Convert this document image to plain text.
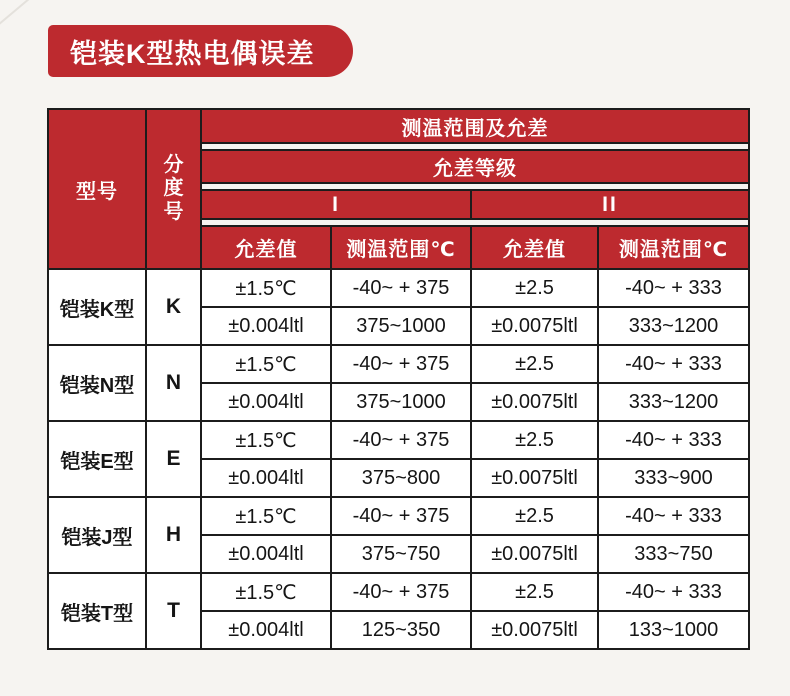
铠装K型热电偶误差
型号	分度号	测温范围及允差			

		允差等级			

		I		II	

		允差值	测温范围℃	允差值	测温范围℃
铠装K型	K	±1.5℃	-40~ + 375	±2.5	-40~ + 333
		±0.004ltl	375~1000	±0.0075ltl	333~1200
铠装N型	N	±1.5℃	-40~ + 375	±2.5	-40~ + 333
		±0.004ltl	375~1000	±0.0075ltl	333~1200
铠装E型	E	±1.5℃	-40~ + 375	±2.5	-40~ + 333
		±0.004ltl	375~800	±0.0075ltl	333~900
铠装J型	H	±1.5℃	-40~ + 375	±2.5	-40~ + 333
		±0.004ltl	375~750	±0.0075ltl	333~750
铠装T型	T	±1.5℃	-40~ + 375	±2.5	-40~ + 333
		±0.004ltl	125~350	±0.0075ltl	133~1000
